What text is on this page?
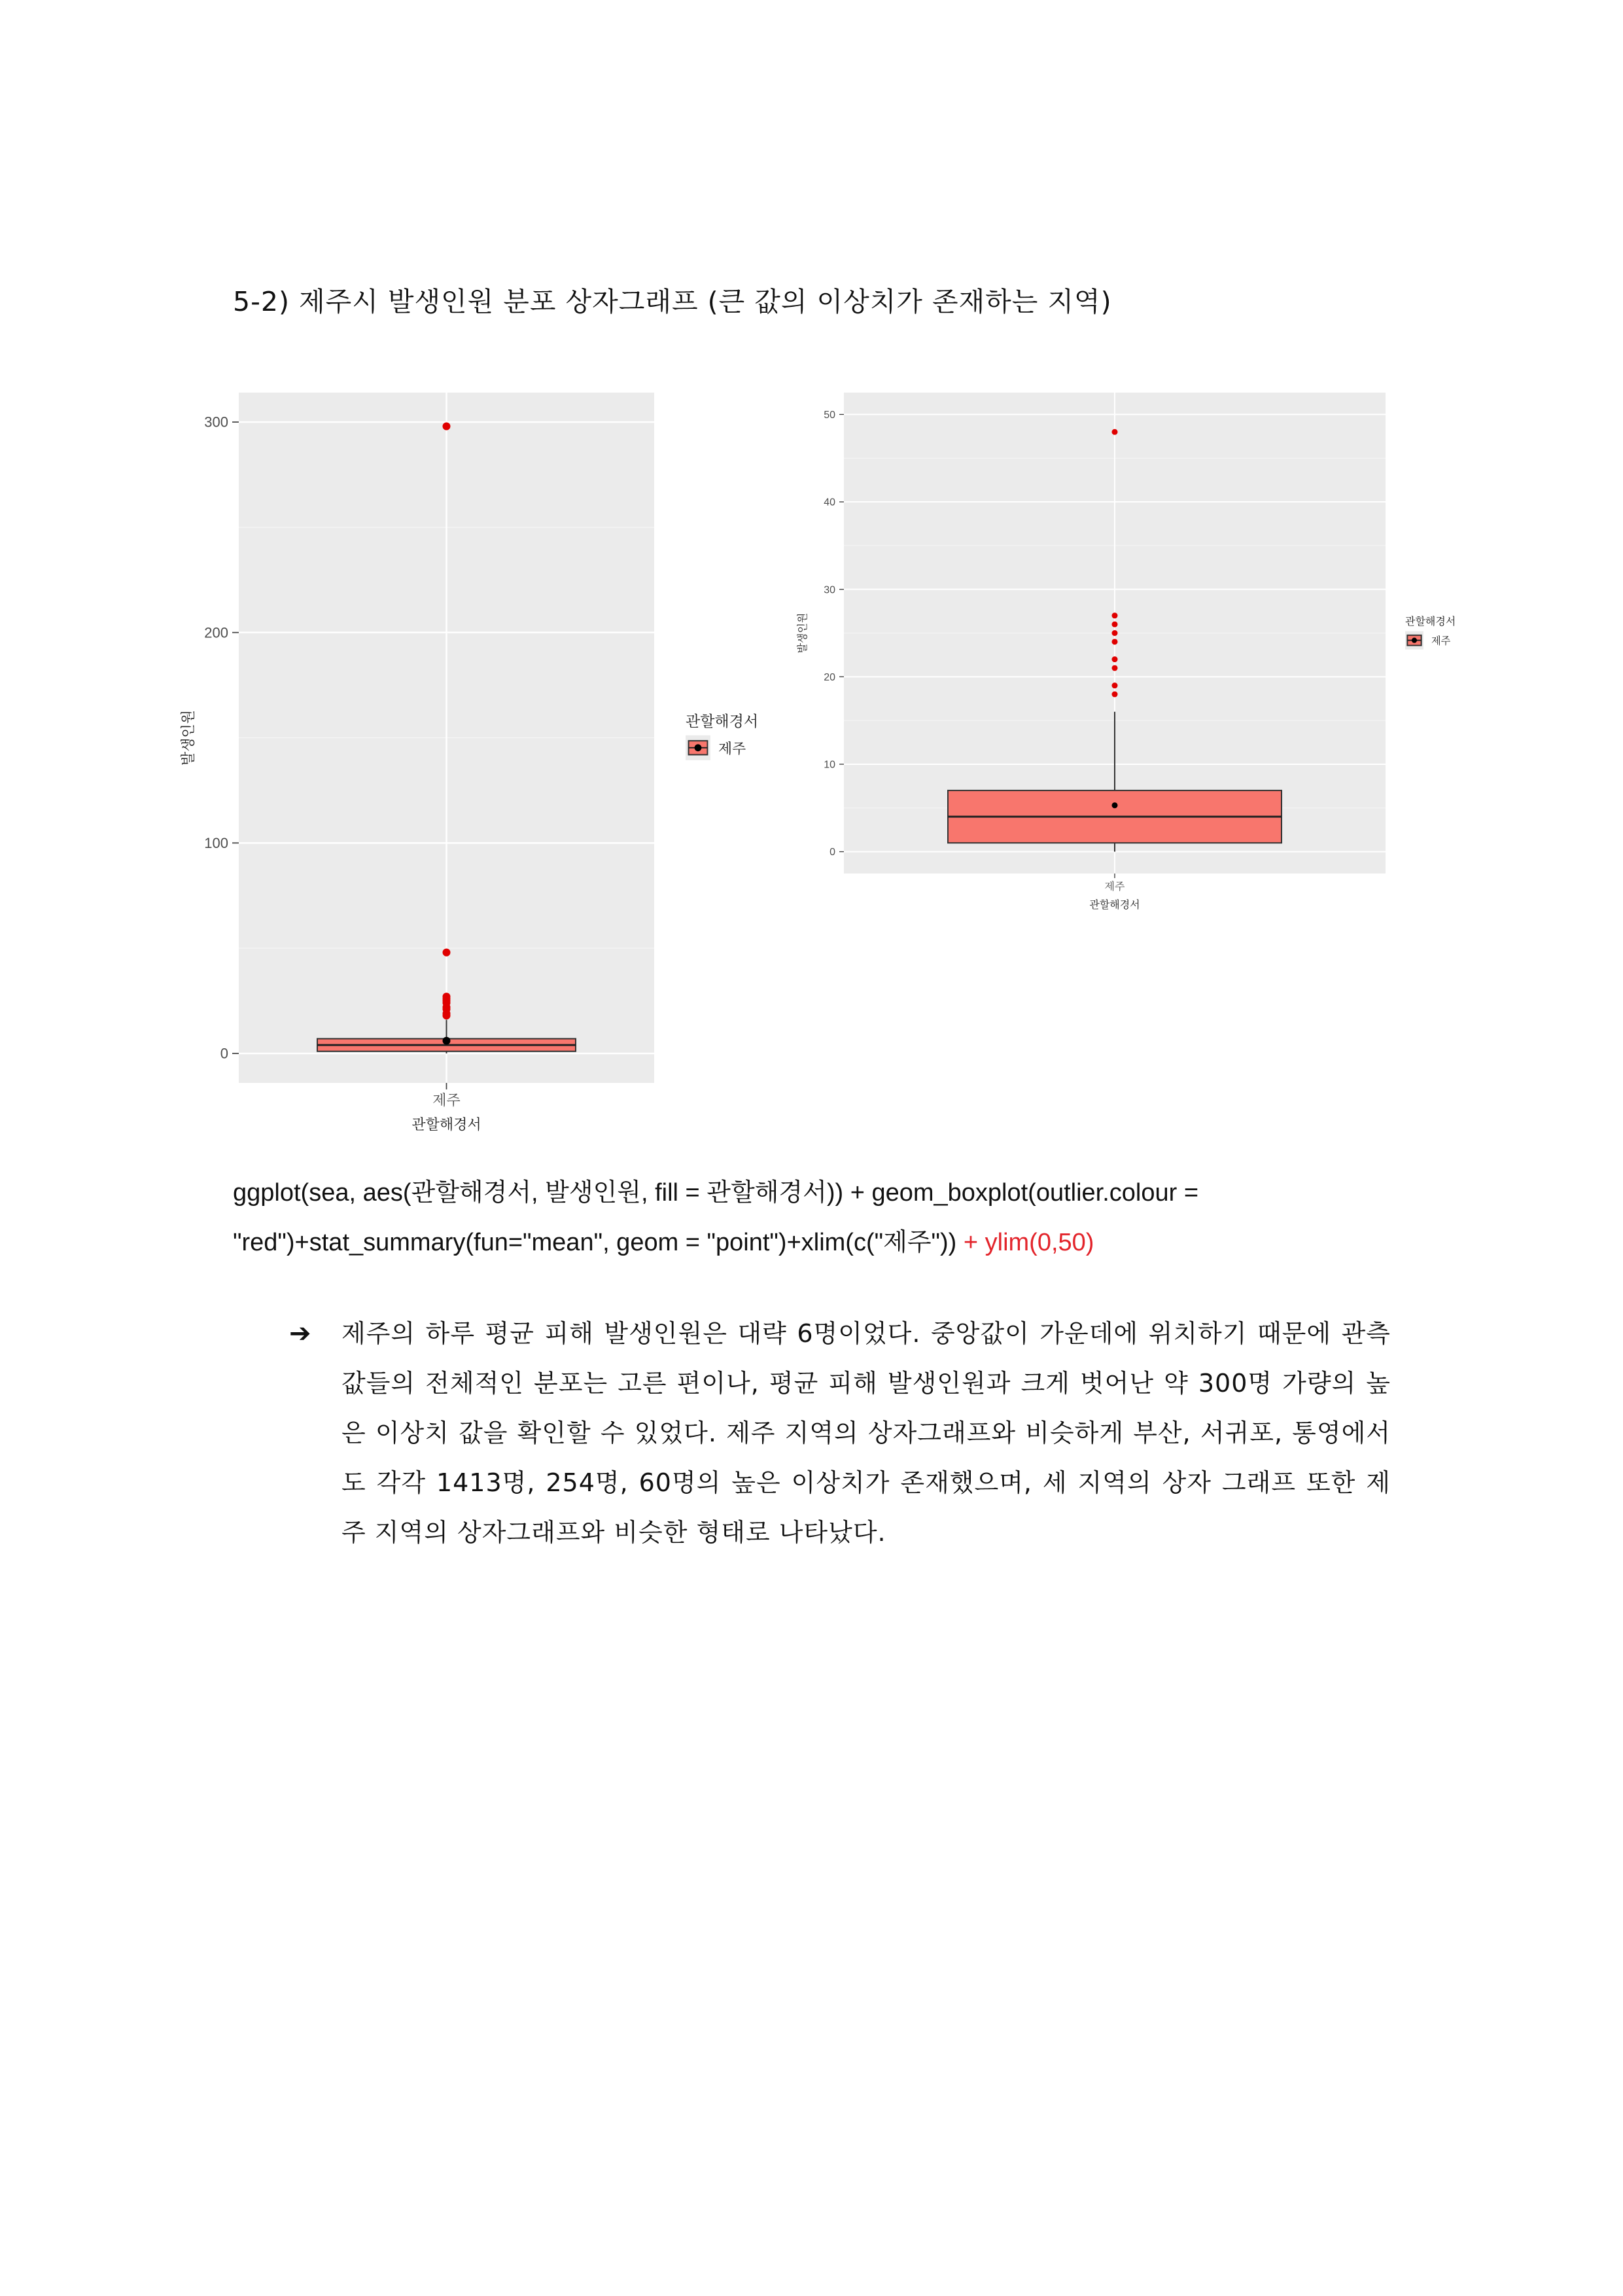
5-2) 제주시 발생인원 분포 상자그래프 (큰 값의 이상치가 존재하는 지역)
0
100
200
300
제주
관할해경서
발생인원	관할해경서
제주
0
10
20
30
40
50
제주
관할해경서
발생인원	관할해경서
제주
ggplot(sea, aes(관할해경서, 발생인원, fill = 관할해경서)) + geom_boxplot(outlier.colour =
"red")+stat_summary(fun="mean", geom = "point")+xlim(c("제주")) + ylim(0,50)
➔ 제주의 하루 평균 피해 발생인원은 대략 6명이었다. 중앙값이 가운데에 위치하기 때문에 관측값들의 전체적인 분포는 고른 편이나, 평균 피해 발생인원과 크게 벗어난 약 300명 가량의 높은 이상치 값을 확인할 수 있었다. 제주 지역의 상자그래프와 비슷하게 부산, 서귀포, 통영에서도 각각 1413명, 254명, 60명의 높은 이상치가 존재했으며, 세 지역의 상자 그래프 또한 제주 지역의 상자그래프와 비슷한 형태로 나타났다.
